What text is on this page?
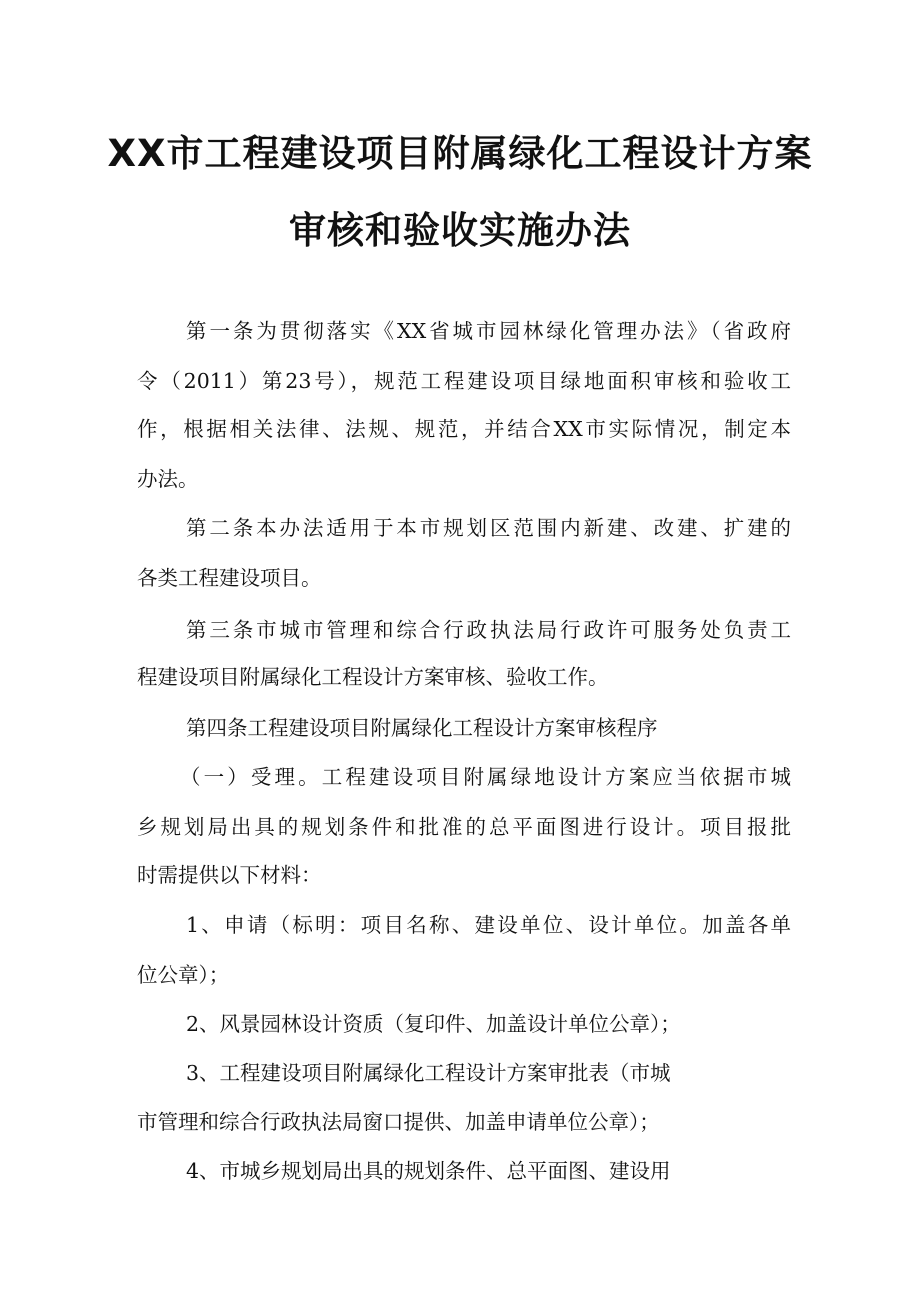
XX市工程建设项目附属绿化工程设计方案
审核和验收实施办法

第一条为贯彻落实《XX省城市园林绿化管理办法》（省政府

令（2011）第23号），规范工程建设项目绿地面积审核和验收工

作，根据相关法律、法规、规范，并结合XX市实际情况，制定本

办法。

第二条本办法适用于本市规划区范围内新建、改建、扩建的

各类工程建设项目。

第三条市城市管理和综合行政执法局行政许可服务处负责工

程建设项目附属绿化工程设计方案审核、验收工作。

第四条工程建设项目附属绿化工程设计方案审核程序

（一）受理。工程建设项目附属绿地设计方案应当依据市城

乡规划局出具的规划条件和批准的总平面图进行设计。项目报批

时需提供以下材料：

1、申请（标明：项目名称、建设单位、设计单位。加盖各单

位公章）；

2、风景园林设计资质（复印件、加盖设计单位公章）；

3、工程建设项目附属绿化工程设计方案审批表（市城

市管理和综合行政执法局窗口提供、加盖申请单位公章）；

4、市城乡规划局出具的规划条件、总平面图、建设用
